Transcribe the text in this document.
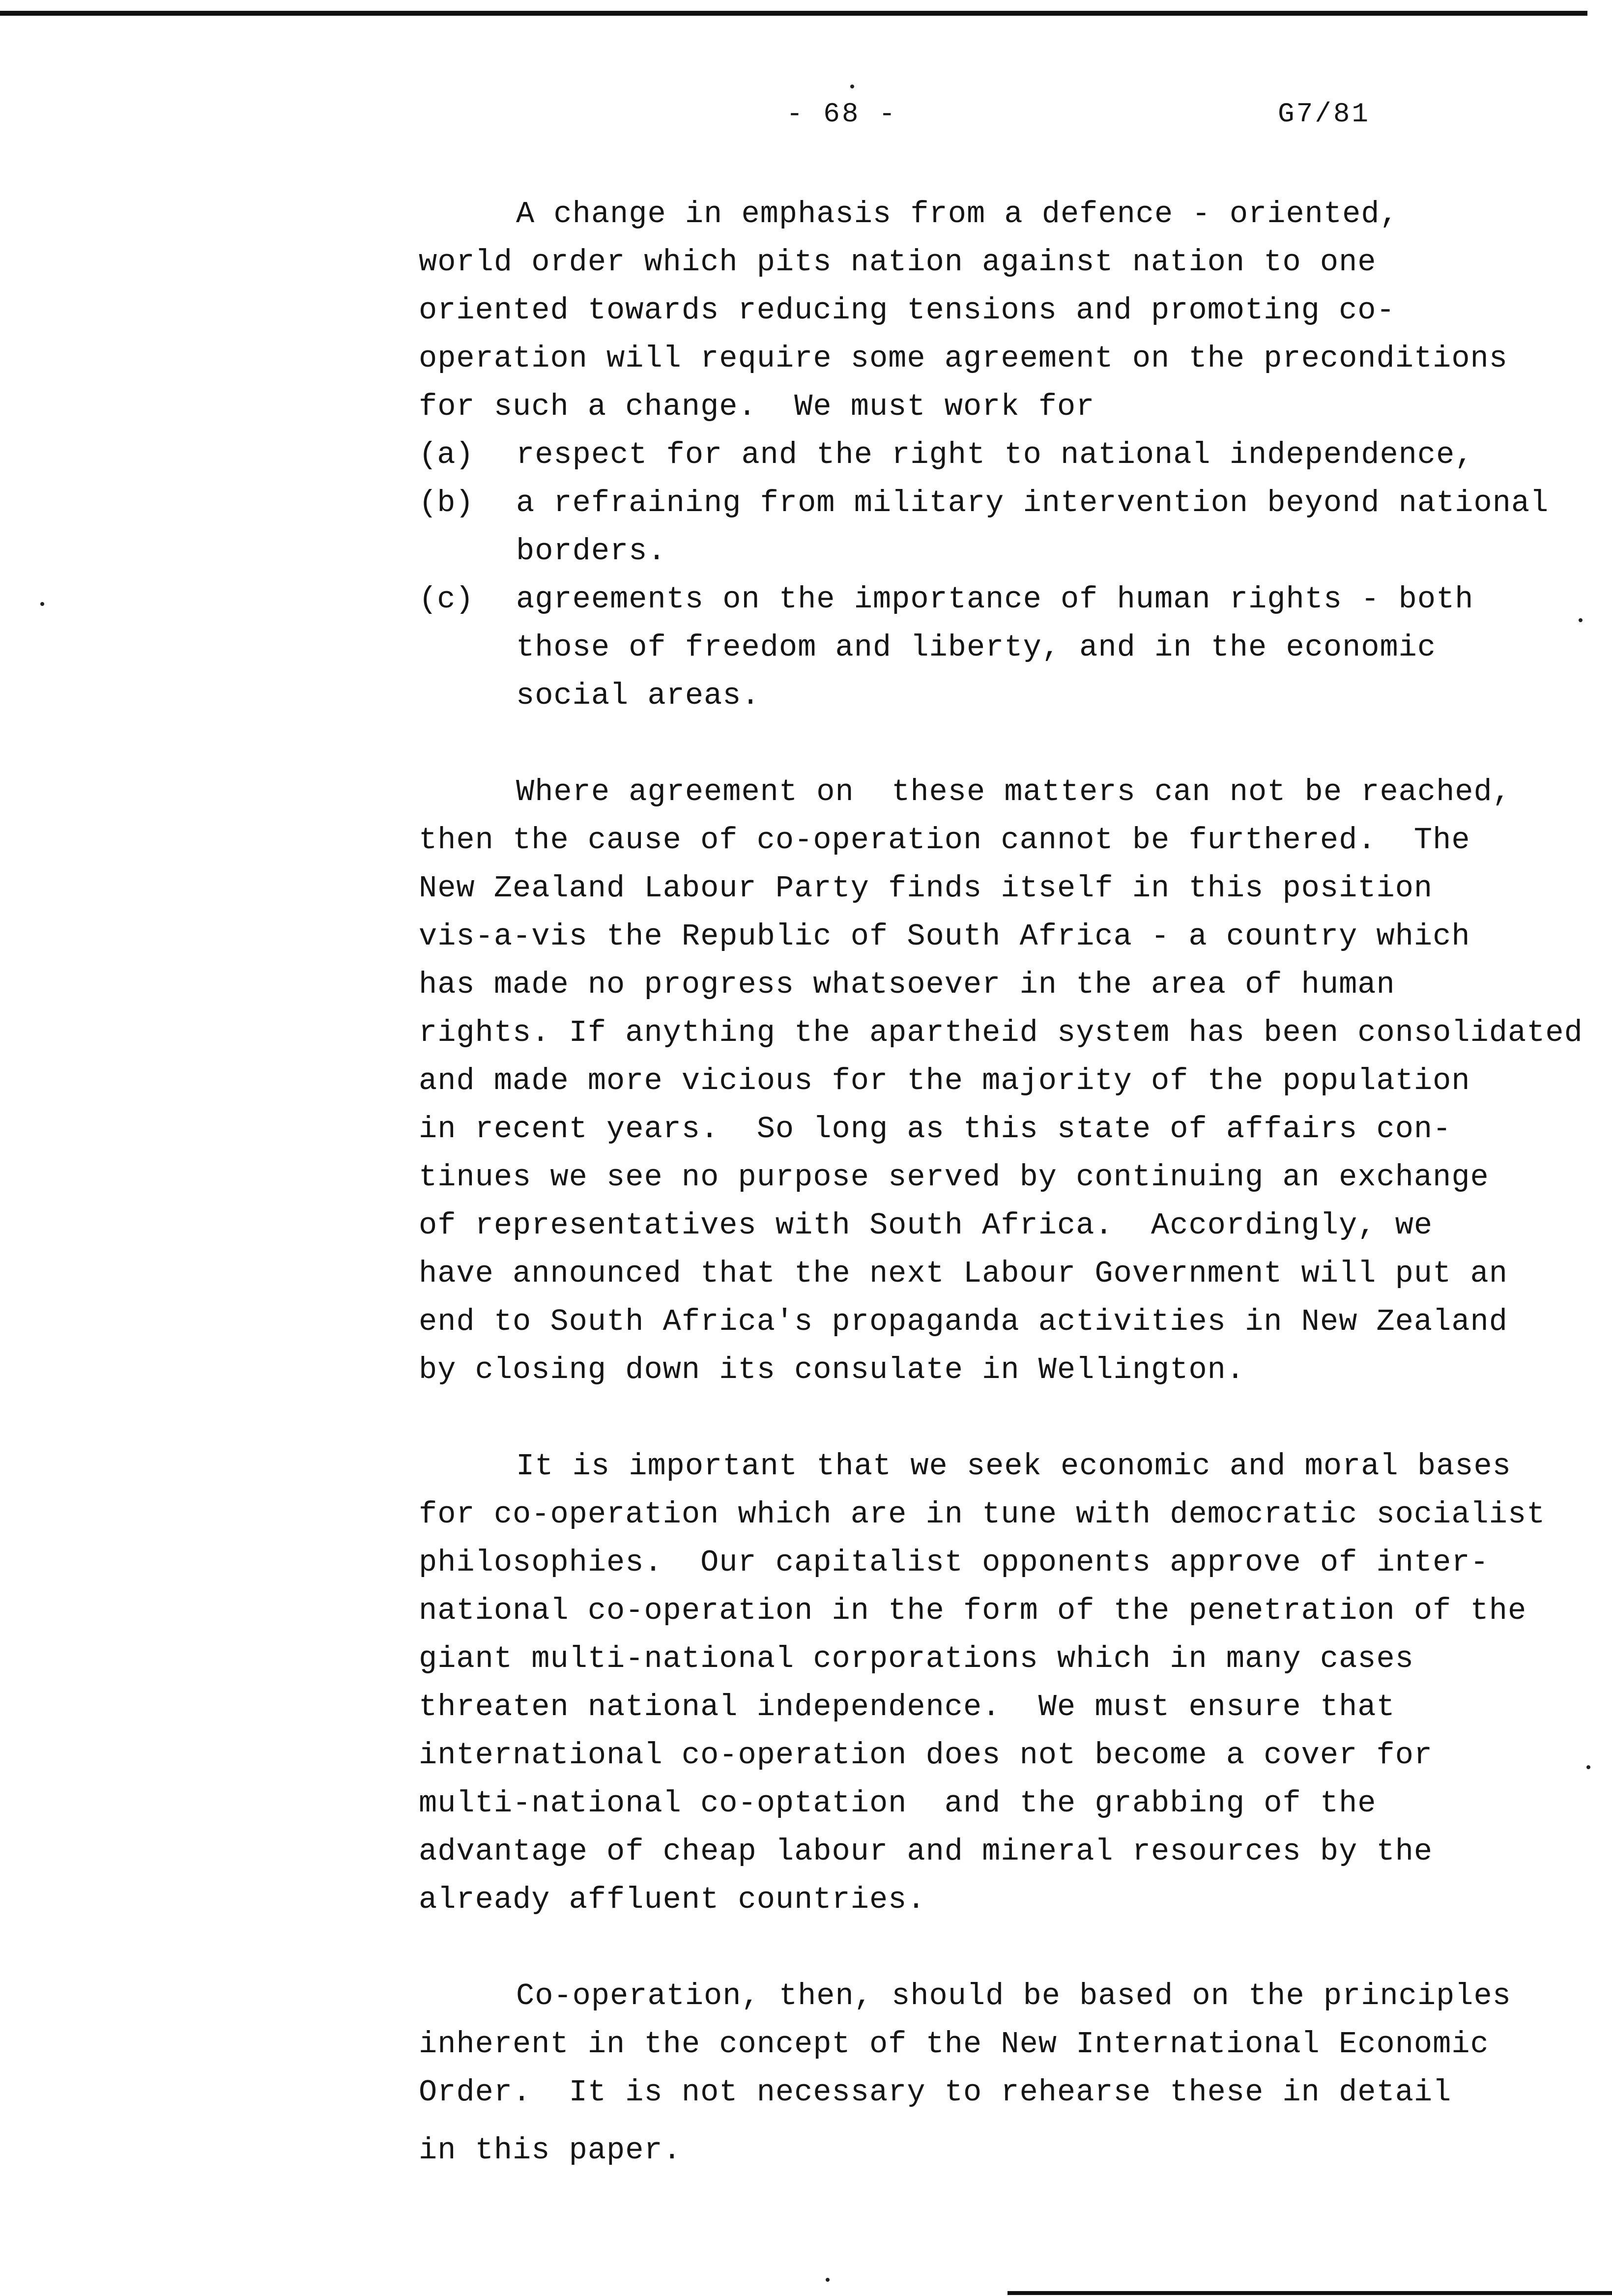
- 68 -	G7/81
A change in emphasis from a defence - oriented,
world order which pits nation against nation to one
oriented towards reducing tensions and promoting co-
operation will require some agreement on the preconditions
for such a change.  We must work for
(a) respect for and the right to national independence,
(b) a refraining from military intervention beyond national
borders.
(c) agreements on the importance of human rights - both
those of freedom and liberty, and in the economic
social areas.
Where agreement on  these matters can not be reached,
then the cause of co-operation cannot be furthered.  The
New Zealand Labour Party finds itself in this position
vis-a-vis the Republic of South Africa - a country which
has made no progress whatsoever in the area of human
rights. If anything the apartheid system has been consolidated
and made more vicious for the majority of the population
in recent years.  So long as this state of affairs con-
tinues we see no purpose served by continuing an exchange
of representatives with South Africa.  Accordingly, we
have announced that the next Labour Government will put an
end to South Africa's propaganda activities in New Zealand
by closing down its consulate in Wellington.
It is important that we seek economic and moral bases
for co-operation which are in tune with democratic socialist
philosophies.  Our capitalist opponents approve of inter-
national co-operation in the form of the penetration of the
giant multi-national corporations which in many cases
threaten national independence.  We must ensure that
international co-operation does not become a cover for
multi-national co-optation  and the grabbing of the
advantage of cheap labour and mineral resources by the
already affluent countries.
Co-operation, then, should be based on the principles
inherent in the concept of the New International Economic
Order.  It is not necessary to rehearse these in detail
in this paper.
